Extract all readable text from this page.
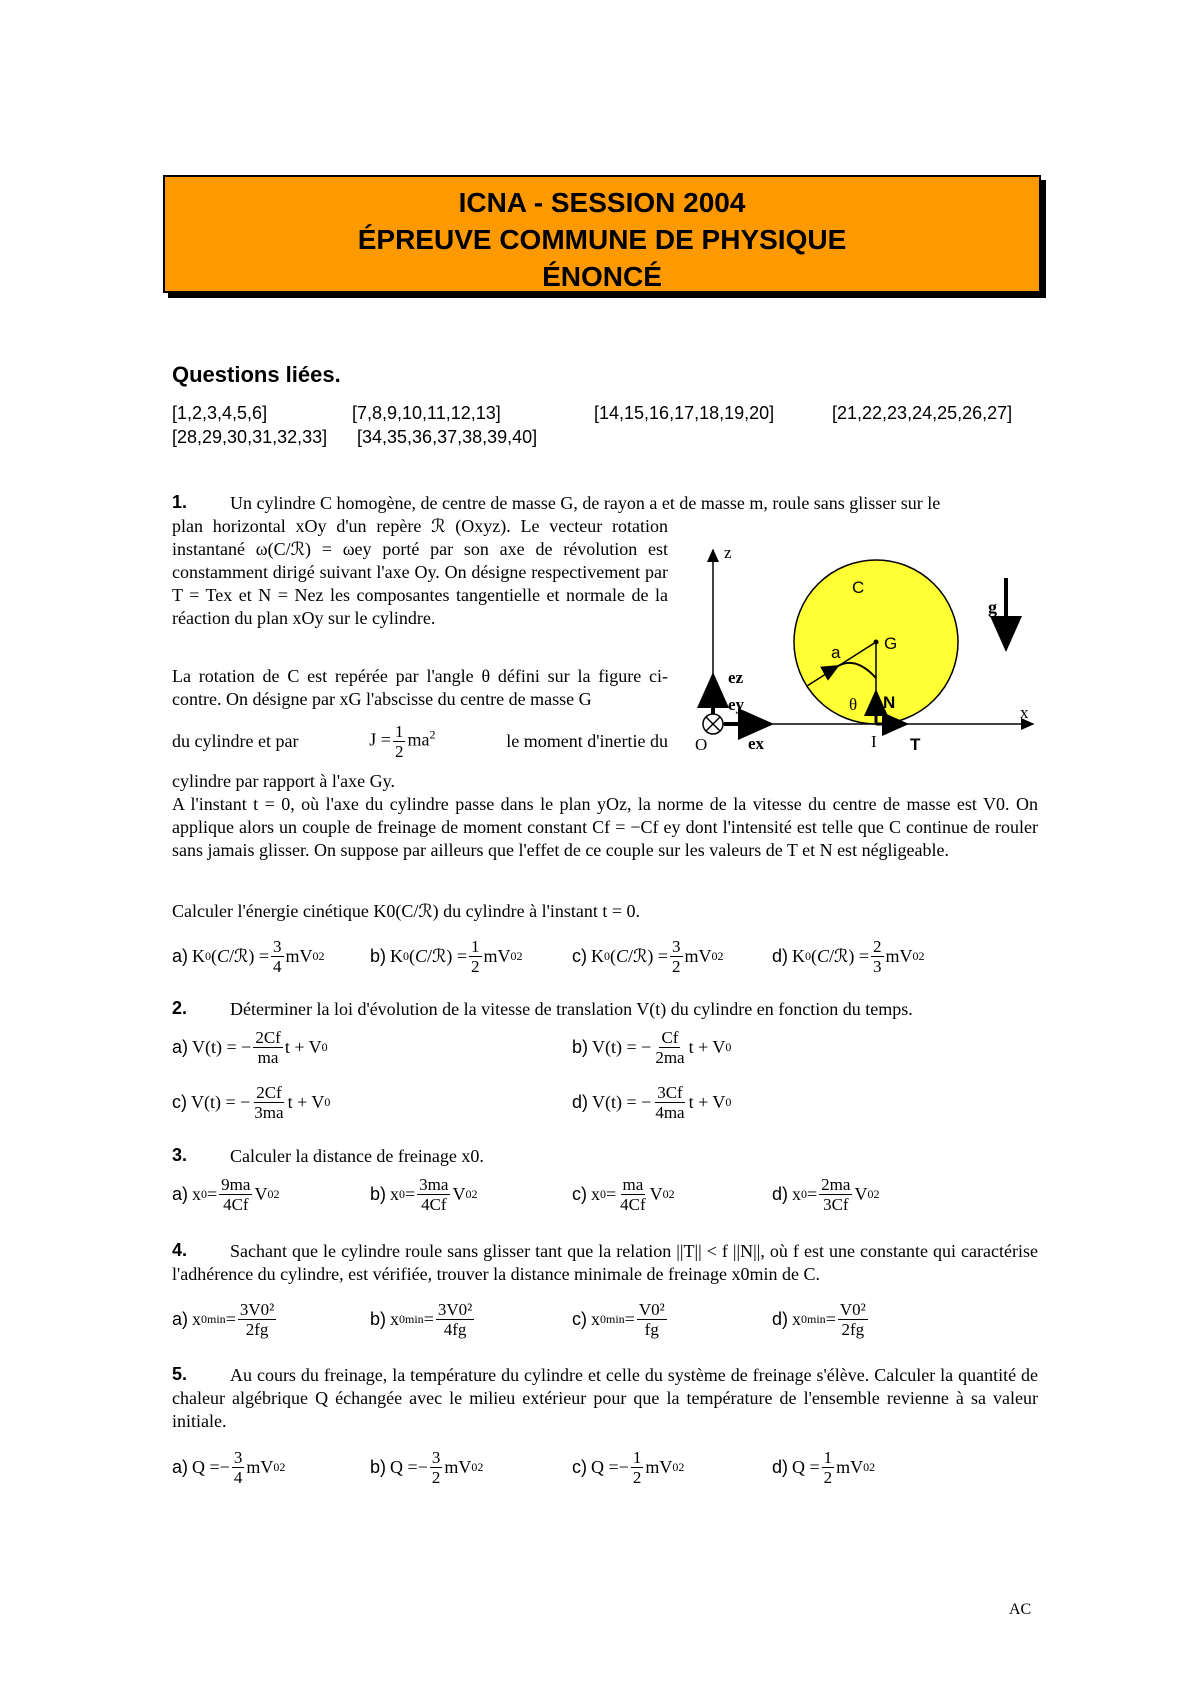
ICNA - SESSION 2004
ÉPREUVE COMMUNE DE PHYSIQUE
ÉNONCÉ
Questions liées.
[1,2,3,4,5,6]	[7,8,9,10,11,12,13]	[14,15,16,17,18,19,20]	[21,22,23,24,25,26,27]
[28,29,30,31,32,33] [34,35,36,37,38,39,40]
1. Un cylindre C homogène, de centre de masse G, de rayon a et de masse m, roule sans glisser sur le
plan horizontal xOy d'un repère ℛ (Oxyz). Le vecteur rotation instantané ω(C/ℛ) = ωey porté par son axe de révolution est constamment dirigé suivant l'axe Oy. On désigne respectivement par T = Tex et N = Nez les composantes tangentielle et normale de la réaction du plan xOy sur le cylindre.
La rotation de C est repérée par l'angle θ défini sur la figure ci-contre. On désigne par xG l'abscisse du centre de masse G
du cylindre et par	$J = \frac{1}{2} ma^2$	le moment d'inertie du
cylindre par rapport à l'axe Gy.
A l'instant t = 0, où l'axe du cylindre passe dans le plan yOz, la norme de la vitesse du centre de masse est V0. On applique alors un couple de freinage de moment constant Cf = −Cf ey dont l'intensité est telle que C continue de rouler sans jamais glisser. On suppose par ailleurs que l'effet de ce couple sur les valeurs de T et N est négligeable.
Calculer l'énergie cinétique K0(C/ℛ) du cylindre à l'instant t = 0.
z
x
O	I
G
C
a
θ N
T
g
ez
ey
ex
a) K 0 ( C /ℛ) = $\frac{3}{4}$ mV 0 2	b) K 0 ( C /ℛ) = $\frac{1}{2}$ mV 0 2	c) K 0 ( C /ℛ) = $\frac{3}{2}$ mV 0 2	d) K 0 ( C /ℛ) = $\frac{2}{3}$ mV 0 2
2. Déterminer la loi d'évolution de la vitesse de translation V(t) du cylindre en fonction du temps.
a) V(t) = − $\frac{2Cf}{ma}$ t + V 0	b) V(t) = − $\frac{Cf}{2ma}$ t + V 0
c) V(t) = − $\frac{2Cf}{3ma}$ t + V 0	d) V(t) = − $\frac{3Cf}{4ma}$ t + V 0
3. Calculer la distance de freinage x0.
a) x $0 = \frac{9ma}{4Cf}$ V 0 2	b) x $0 = \frac{3ma}{4Cf}$ V 0 2	c) x $0 = \frac{ma}{4Cf}$ V 0 2	d) x $0 = \frac{2ma}{3Cf}$ V 0 2
4.	Sachant que le cylindre roule sans glisser tant que la relation ||T|| < f ||N||, où f est une constante qui caractérise l'adhérence du cylindre, est vérifiée, trouver la distance minimale de freinage x0min de C.
a) x $0\min = \frac{\text{3V0²}}{2fg}$	b) x $0\min = \frac{\text{3V0²}}{4fg}$	c) x $0\min = \frac{\text{V0²}}{fg}$	d) x $0\min = \frac{\text{V0²}}{2fg}$
5.	Au cours du freinage, la température du cylindre et celle du système de freinage s'élève. Calculer la quantité de chaleur algébrique Q échangée avec le milieu extérieur pour que la température de l'ensemble revienne à sa valeur initiale.
a) Q = − $\frac{3}{4}$ mV 0 2	b) Q = − $\frac{3}{2}$ mV 0 2	c) Q = − $\frac{1}{2}$ mV 0 2	d) $Q = \frac{1}{2}$ mV 0 2
AC
